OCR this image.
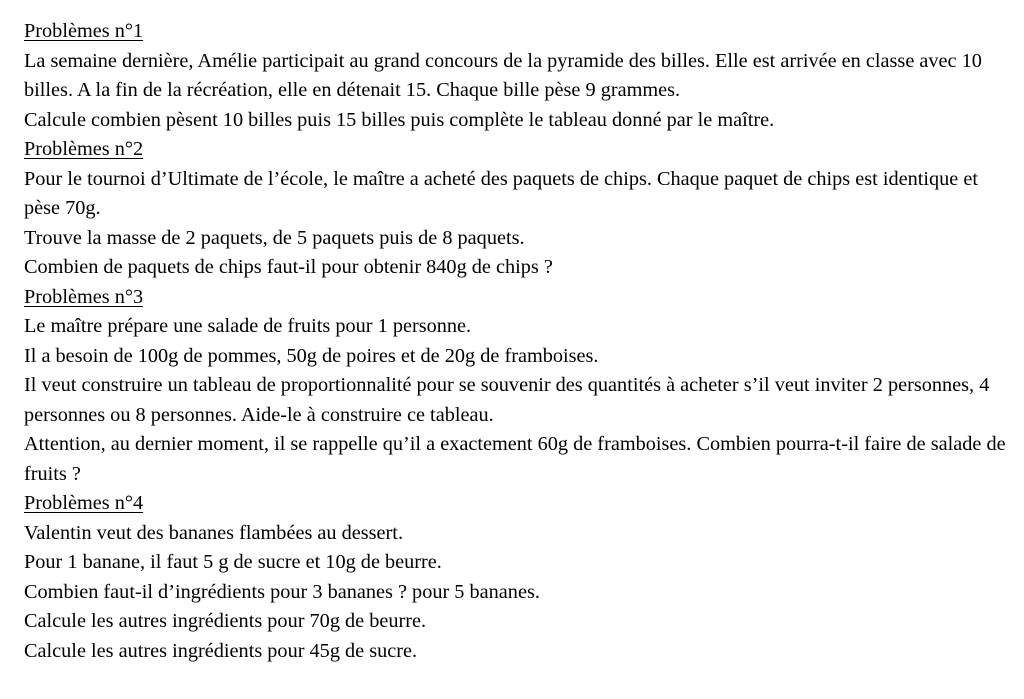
Problèmes n°1

La semaine dernière, Amélie participait au grand concours de la pyramide des billes. Elle est arrivée en classe avec 10 billes. A la fin de la récréation, elle en détenait 15. Chaque bille pèse 9 grammes.

Calcule combien pèsent 10 billes puis 15 billes puis complète le tableau donné par le maître.

Problèmes n°2

Pour le tournoi d’Ultimate de l’école, le maître a acheté des paquets de chips. Chaque paquet de chips est identique et pèse 70g.

Trouve la masse de 2 paquets, de 5 paquets puis de 8 paquets.

Combien de paquets de chips faut-il pour obtenir 840g de chips ?

Problèmes n°3

Le maître prépare une salade de fruits pour 1 personne.

Il a besoin de 100g de pommes, 50g de poires et de 20g de framboises.

Il veut construire un tableau de proportionnalité pour se souvenir des quantités à acheter s’il veut inviter 2 personnes, 4 personnes ou 8 personnes. Aide-le à construire ce tableau.

Attention, au dernier moment, il se rappelle qu’il a exactement 60g de framboises. Combien pourra-t-il faire de salade de fruits ?

Problèmes n°4

Valentin veut des bananes flambées au dessert.

Pour 1 banane, il faut 5 g de sucre et 10g de beurre.

Combien faut-il d’ingrédients pour 3 bananes ? pour 5 bananes.

Calcule les autres ingrédients pour 70g de beurre.

Calcule les autres ingrédients pour 45g de sucre.
